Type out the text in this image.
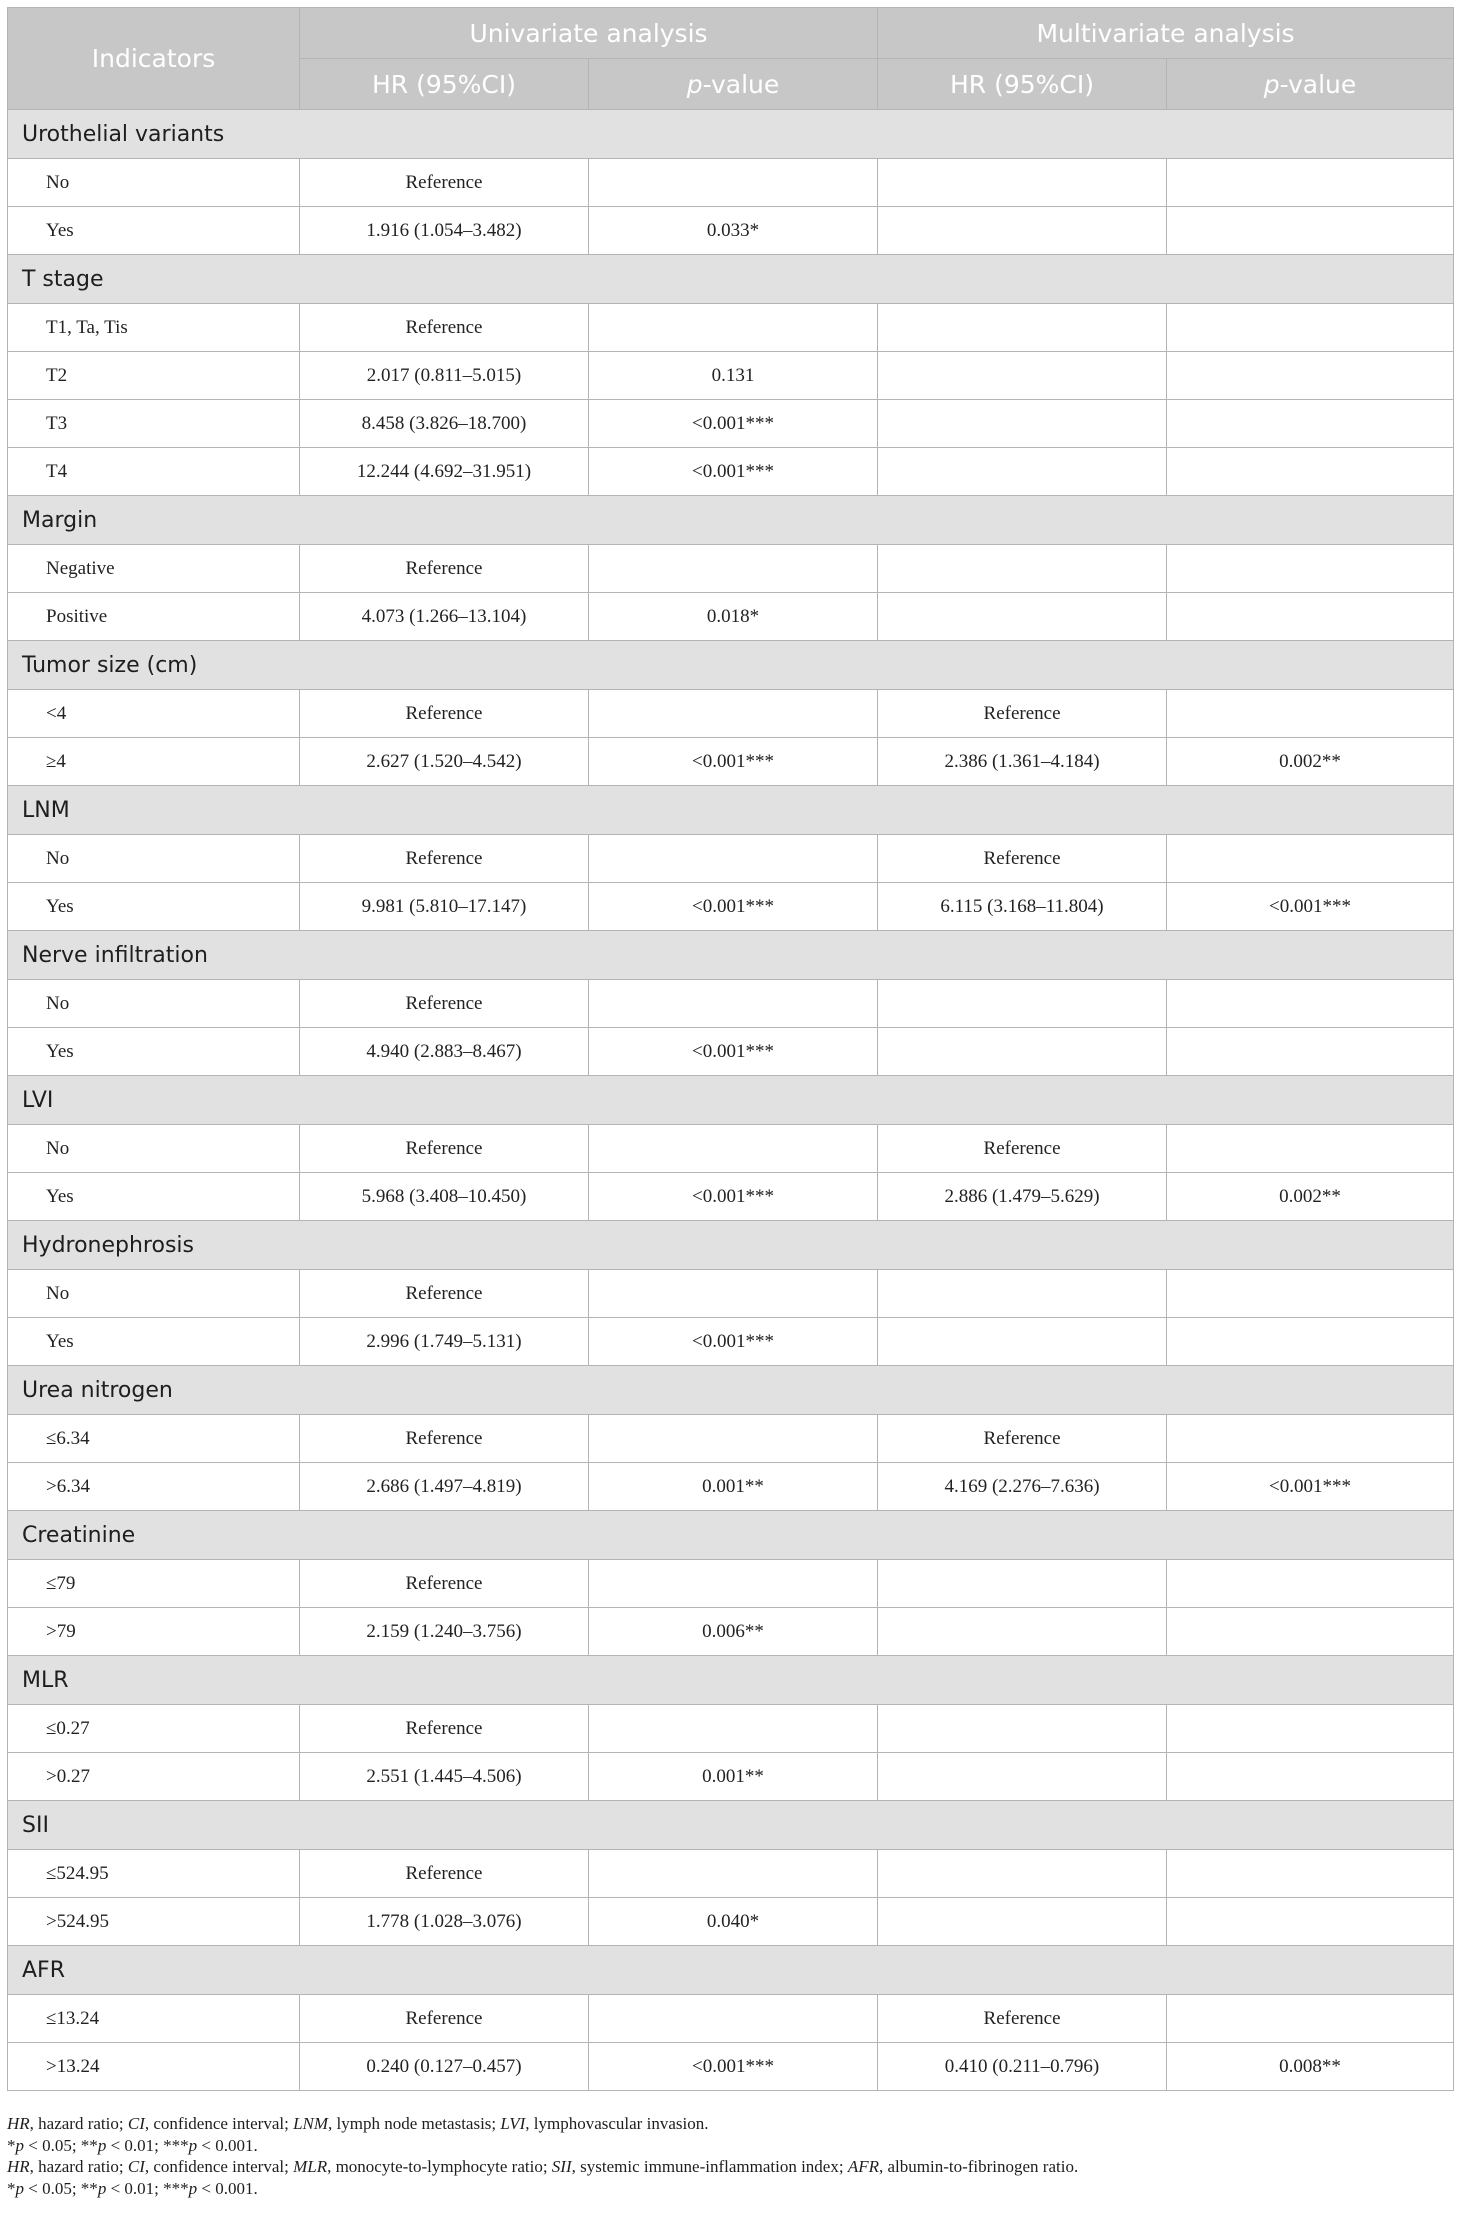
Indicators	Univariate analysis		Multivariate analysis	
	HR (95%CI)	p-value	HR (95%CI)	p-value
Urothelial variants				
No	Reference			
Yes	1.916 (1.054–3.482)	0.033*		
T stage				
T1, Ta, Tis	Reference			
T2	2.017 (0.811–5.015)	0.131		
T3	8.458 (3.826–18.700)	<0.001***		
T4	12.244 (4.692–31.951)	<0.001***		
Margin				
Negative	Reference			
Positive	4.073 (1.266–13.104)	0.018*		
Tumor size (cm)				
<4	Reference		Reference	
≥4	2.627 (1.520–4.542)	<0.001***	2.386 (1.361–4.184)	0.002**
LNM				
No	Reference		Reference	
Yes	9.981 (5.810–17.147)	<0.001***	6.115 (3.168–11.804)	<0.001***
Nerve infiltration				
No	Reference			
Yes	4.940 (2.883–8.467)	<0.001***		
LVI				
No	Reference		Reference	
Yes	5.968 (3.408–10.450)	<0.001***	2.886 (1.479–5.629)	0.002**
Hydronephrosis				
No	Reference			
Yes	2.996 (1.749–5.131)	<0.001***		
Urea nitrogen				
≤6.34	Reference		Reference	
>6.34	2.686 (1.497–4.819)	0.001**	4.169 (2.276–7.636)	<0.001***
Creatinine				
≤79	Reference			
>79	2.159 (1.240–3.756)	0.006**		
MLR				
≤0.27	Reference			
>0.27	2.551 (1.445–4.506)	0.001**		
SII				
≤524.95	Reference			
>524.95	1.778 (1.028–3.076)	0.040*		
AFR				
≤13.24	Reference		Reference	
>13.24	0.240 (0.127–0.457)	<0.001***	0.410 (0.211–0.796)	0.008**

HR, hazard ratio; CI, confidence interval; LNM, lymph node metastasis; LVI, lymphovascular invasion.

*p < 0.05; **p < 0.01; ***p < 0.001.

HR, hazard ratio; CI, confidence interval; MLR, monocyte-to-lymphocyte ratio; SII, systemic immune-inflammation index; AFR, albumin-to-fibrinogen ratio.

*p < 0.05; **p < 0.01; ***p < 0.001.
